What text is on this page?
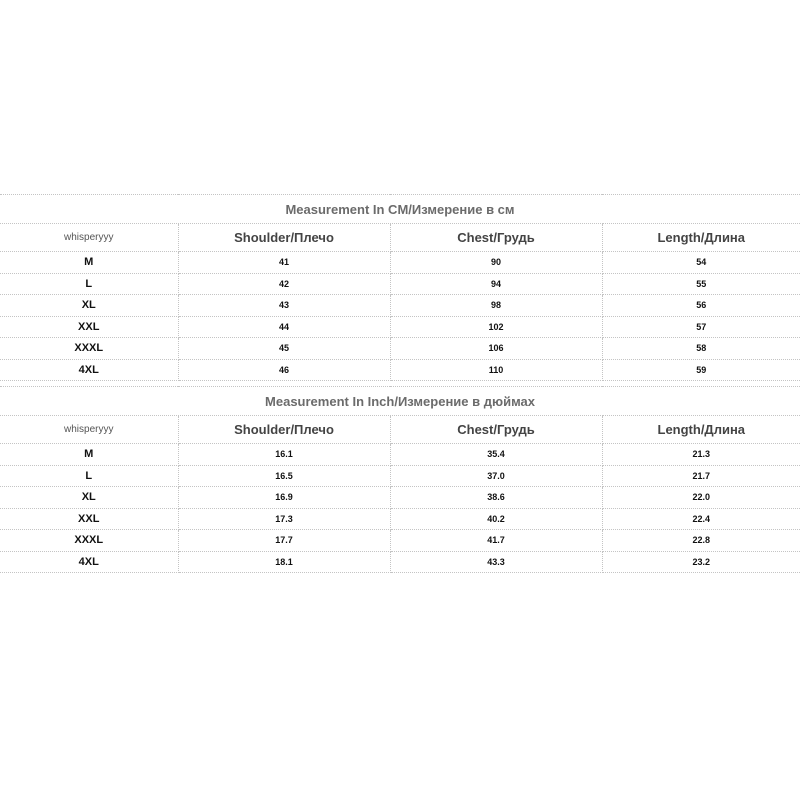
Measurement In CM/Измерение в см			
whisperyyy	Shoulder/Плечо	Chest/Грудь	Length/Длина
M	41	90	54
L	42	94	55
XL	43	98	56
XXL	44	102	57
XXXL	45	106	58
4XL	46	110	59
Measurement In Inch/Измерение в дюймах			
whisperyyy	Shoulder/Плечо	Chest/Грудь	Length/Длина
M	16.1	35.4	21.3
L	16.5	37.0	21.7
XL	16.9	38.6	22.0
XXL	17.3	40.2	22.4
XXXL	17.7	41.7	22.8
4XL	18.1	43.3	23.2
